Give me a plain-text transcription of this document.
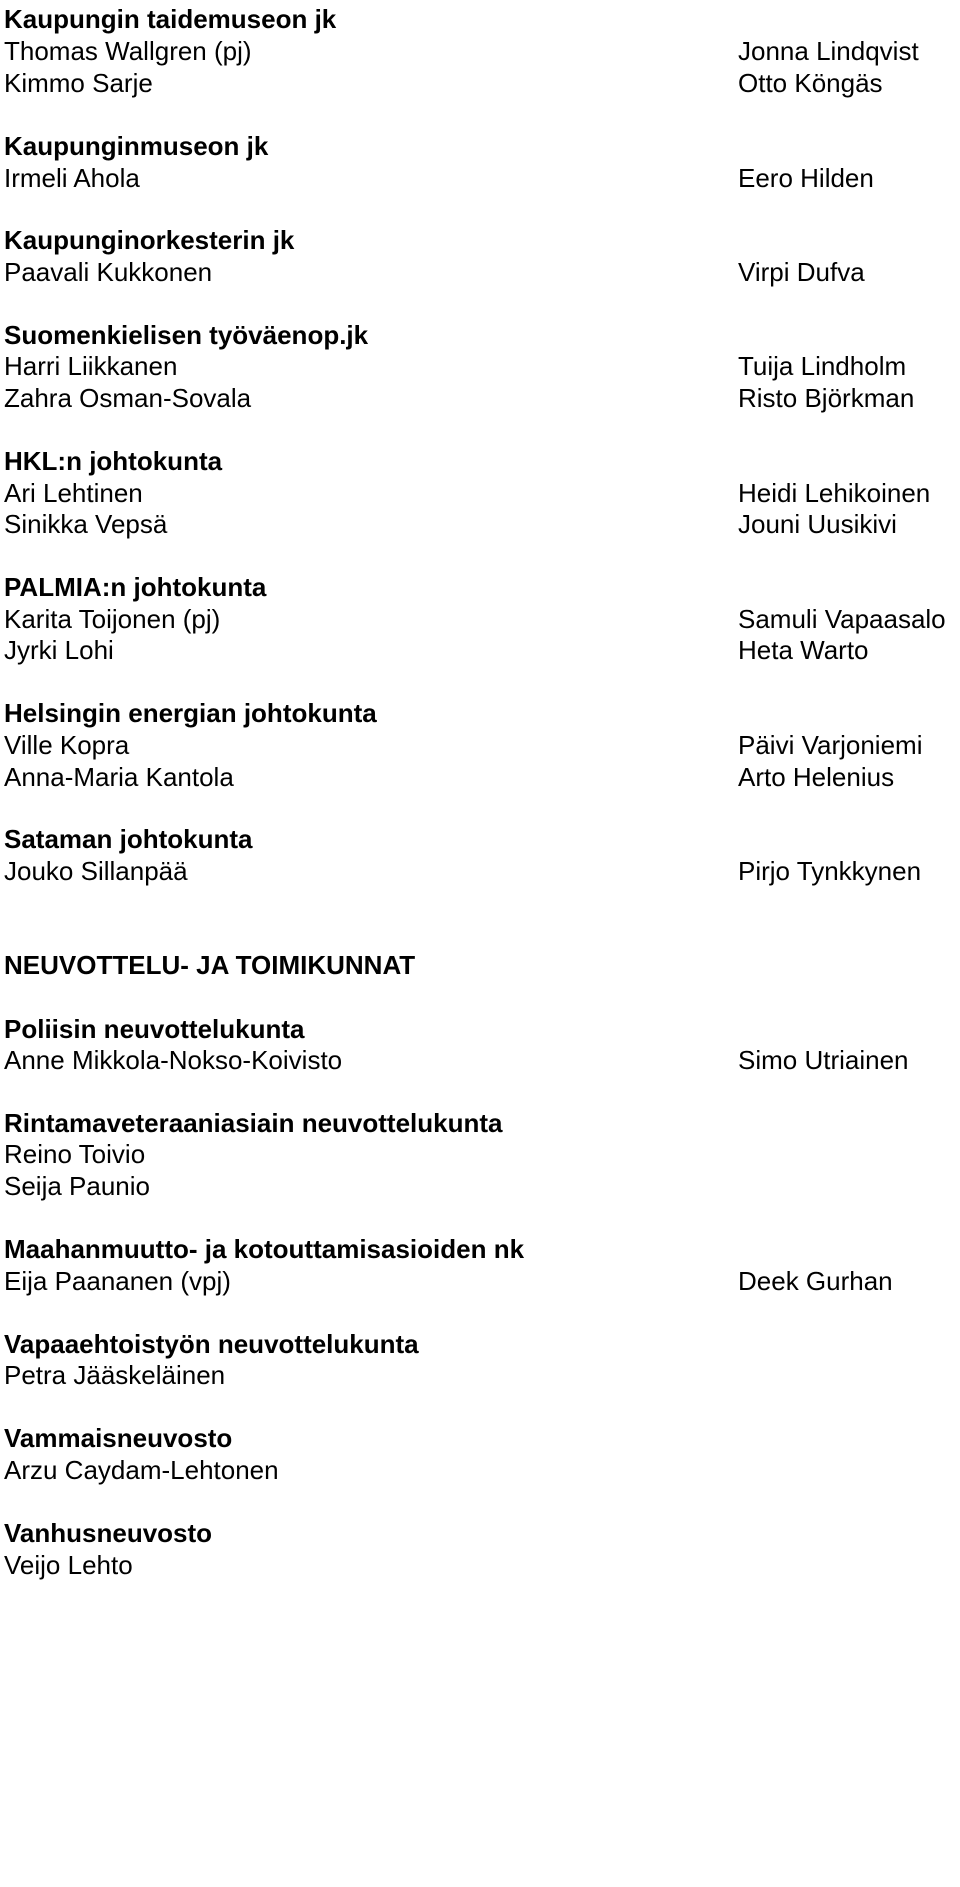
Kaupungin taidemuseon jk
Thomas Wallgren (pj)
Kimmo Sarje
Kaupunginmuseon jk
Irmeli Ahola
Kaupunginorkesterin jk
Paavali Kukkonen
Suomenkielisen työväenop.jk
Harri Liikkanen
Zahra Osman-Sovala
HKL:n johtokunta
Ari Lehtinen
Sinikka Vepsä
PALMIA:n johtokunta
Karita Toijonen (pj)
Jyrki Lohi
Helsingin energian johtokunta
Ville Kopra
Anna-Maria Kantola
Sataman johtokunta
Jouko Sillanpää
NEUVOTTELU- JA TOIMIKUNNAT
Poliisin neuvottelukunta
Anne Mikkola-Nokso-Koivisto
Rintamaveteraaniasiain neuvottelukunta
Reino Toivio
Seija Paunio
Maahanmuutto- ja kotouttamisasioiden nk
Eija Paananen (vpj)
Vapaaehtoistyön neuvottelukunta
Petra Jääskeläinen
Vammaisneuvosto
Arzu Caydam-Lehtonen
Vanhusneuvosto
Veijo Lehto
Jonna Lindqvist
Otto Köngäs
Eero Hilden
Virpi Dufva
Tuija Lindholm
Risto Björkman
Heidi Lehikoinen
Jouni Uusikivi
Samuli Vapaasalo
Heta Warto
Päivi Varjoniemi
Arto Helenius
Pirjo Tynkkynen
Simo Utriainen
Deek Gurhan
